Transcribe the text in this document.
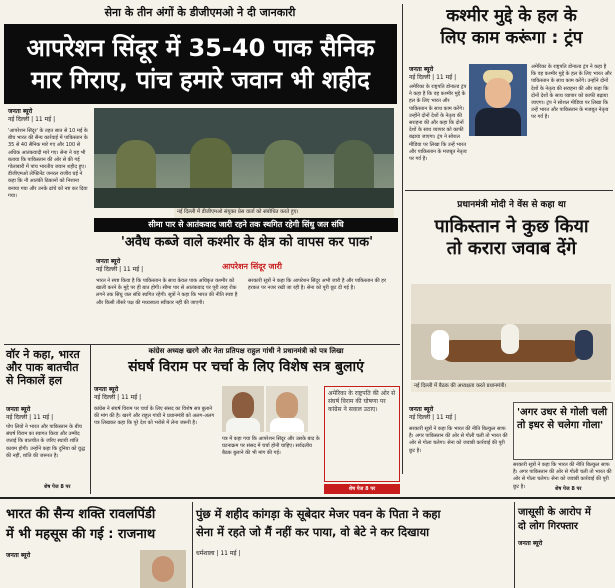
सेना के तीन अंगों के डीजीएमओ ने दी जानकारी
आपरेशन सिंदूर में 35-40 पाक सैनिक
मार गिराए, पांच हमारे जवान भी शहीद
जनता ब्यूरो
नई दिल्ली | 11 मई |
'आपरेशन सिंदूर' के तहत सात से 10 मई के बीच भारत की सैन्य कार्रवाई में पाकिस्तान के 35 से 40 सैनिक मारे गए और 100 से अधिक आतंकवादी मारे गए। सेना ने यह भी बताया कि पाकिस्तान की ओर से की गई गोलाबारी में पांच भारतीय जवान शहीद हुए। डीजीएमओ लेफ्टिनेंट जनरल राजीव घई ने कहा कि नौ आतंकी ठिकानों को निशाना बनाया गया और उनके ढांचे को नष्ट कर दिया गया।
नई दिल्ली में डीजीएमओ संयुक्त प्रेस वार्ता को संबोधित करते हुए।
कश्मीर मुद्दे के हल के
लिए काम करूंगा : ट्रंप
जनता ब्यूरो
नई दिल्ली | 11 मई |
अमेरिका के राष्ट्रपति डोनाल्ड ट्रंप ने कहा है कि वह कश्मीर मुद्दे के हल के लिए भारत और पाकिस्तान के साथ काम करेंगे। उन्होंने दोनों देशों के नेतृत्व की सराहना की और कहा कि दोनों देशों के साथ व्यापार को काफी बढ़ाया जाएगा। ट्रंप ने सोशल मीडिया पर लिखा कि उन्हें भारत और पाकिस्तान के मजबूत नेतृत्व पर गर्व है।
अमेरिका के राष्ट्रपति डोनाल्ड ट्रंप ने कहा है कि वह कश्मीर मुद्दे के हल के लिए भारत और पाकिस्तान के साथ काम करेंगे। उन्होंने दोनों देशों के नेतृत्व की सराहना की और कहा कि दोनों देशों के साथ व्यापार को काफी बढ़ाया जाएगा। ट्रंप ने सोशल मीडिया पर लिखा कि उन्हें भारत और पाकिस्तान के मजबूत नेतृत्व पर गर्व है।
प्रधानमंत्री मोदी ने वेंस से कहा था
पाकिस्तान ने कुछ किया
तो करारा जवाब देंगे
नई दिल्ली में बैठक की अध्यक्षता करते प्रधानमंत्री।
सीमा पार से आतंकवाद जारी रहने तक स्थगित रहेगी सिंधु जल संधि
'अवैध कब्जे वाले कश्मीर के क्षेत्र को वापस कर पाक'
जनता ब्यूरो
नई दिल्ली | 11 मई |	आपरेशन सिंदूर जारी
भारत ने स्पष्ट किया है कि पाकिस्तान के साथ केवल पाक अधिकृत कश्मीर को खाली करने के मुद्दे पर ही बात होगी। सीमा पार से आतंकवाद पर पूरी तरह रोक लगने तक सिंधु जल संधि स्थगित रहेगी। सूत्रों ने कहा कि भारत की नीति स्पष्ट है और किसी तीसरे पक्ष की मध्यस्थता स्वीकार नहीं की जाएगी।
सरकारी सूत्रों ने कहा कि आपरेशन सिंदूर अभी जारी है और पाकिस्तान की हर हरकत पर नजर रखी जा रही है। सेना को पूरी छूट दी गई है।
वॉर ने कहा, भारत और पाक बातचीत से निकालें हल
जनता ब्यूरो
नई दिल्ली | 11 मई |
पोप लियो ने भारत और पाकिस्तान के बीच संघर्ष विराम का स्वागत किया और उम्मीद जताई कि बातचीत के जरिए स्थायी शांति कायम होगी। उन्होंने कहा कि दुनिया को युद्ध की नहीं, शांति की जरूरत है।
शेष पेज 8 पर
कांग्रेस अध्यक्ष खरगे और नेता प्रतिपक्ष राहुल गांधी ने प्रधानमंत्री को पत्र लिखा
संघर्ष विराम पर चर्चा के लिए विशेष सत्र बुलाएं
जनता ब्यूरो
नई दिल्ली | 11 मई |
कांग्रेस ने संघर्ष विराम पर चर्चा के लिए संसद का विशेष सत्र बुलाने की मांग की है। खरगे और राहुल गांधी ने प्रधानमंत्री को अलग-अलग पत्र लिखकर कहा कि पूरे देश को भरोसे में लेना जरूरी है।
पत्र में कहा गया कि आपरेशन सिंदूर और उसके बाद के घटनाक्रम पर संसद में चर्चा होनी चाहिए। सर्वदलीय बैठक बुलाने की भी मांग की गई।
अमेरिका के राष्ट्रपति की ओर से संघर्ष विराम की घोषणा पर कांग्रेस ने सवाल उठाए।
शेष पेज 8 पर
जनता ब्यूरो
नई दिल्ली | 11 मई |
सरकारी सूत्रों ने कहा कि भारत की नीति बिल्कुल साफ है। अगर पाकिस्तान की ओर से गोली चली तो भारत की ओर से गोला चलेगा। सेना को जवाबी कार्रवाई की पूरी छूट है।
'अगर उधर से गोली चली तो इधर से चलेगा गोला'
सरकारी सूत्रों ने कहा कि भारत की नीति बिल्कुल साफ है। अगर पाकिस्तान की ओर से गोली चली तो भारत की ओर से गोला चलेगा। सेना को जवाबी कार्रवाई की पूरी छूट है।	शेष पेज 8 पर
भारत की सैन्य शक्ति रावलपिंडी
में भी महसूस की गई : राजनाथ
जनता ब्यूरो
पुंछ में शहीद कांगड़ा के सूबेदार मेजर पवन के पिता ने कहा
सेना में रहते जो मैं नहीं कर पाया, वो बेटे ने कर दिखाया
धर्मशाला | 11 मई |
जासूसी के आरोप में
दो लोग गिरफ्तार
जनता ब्यूरो
